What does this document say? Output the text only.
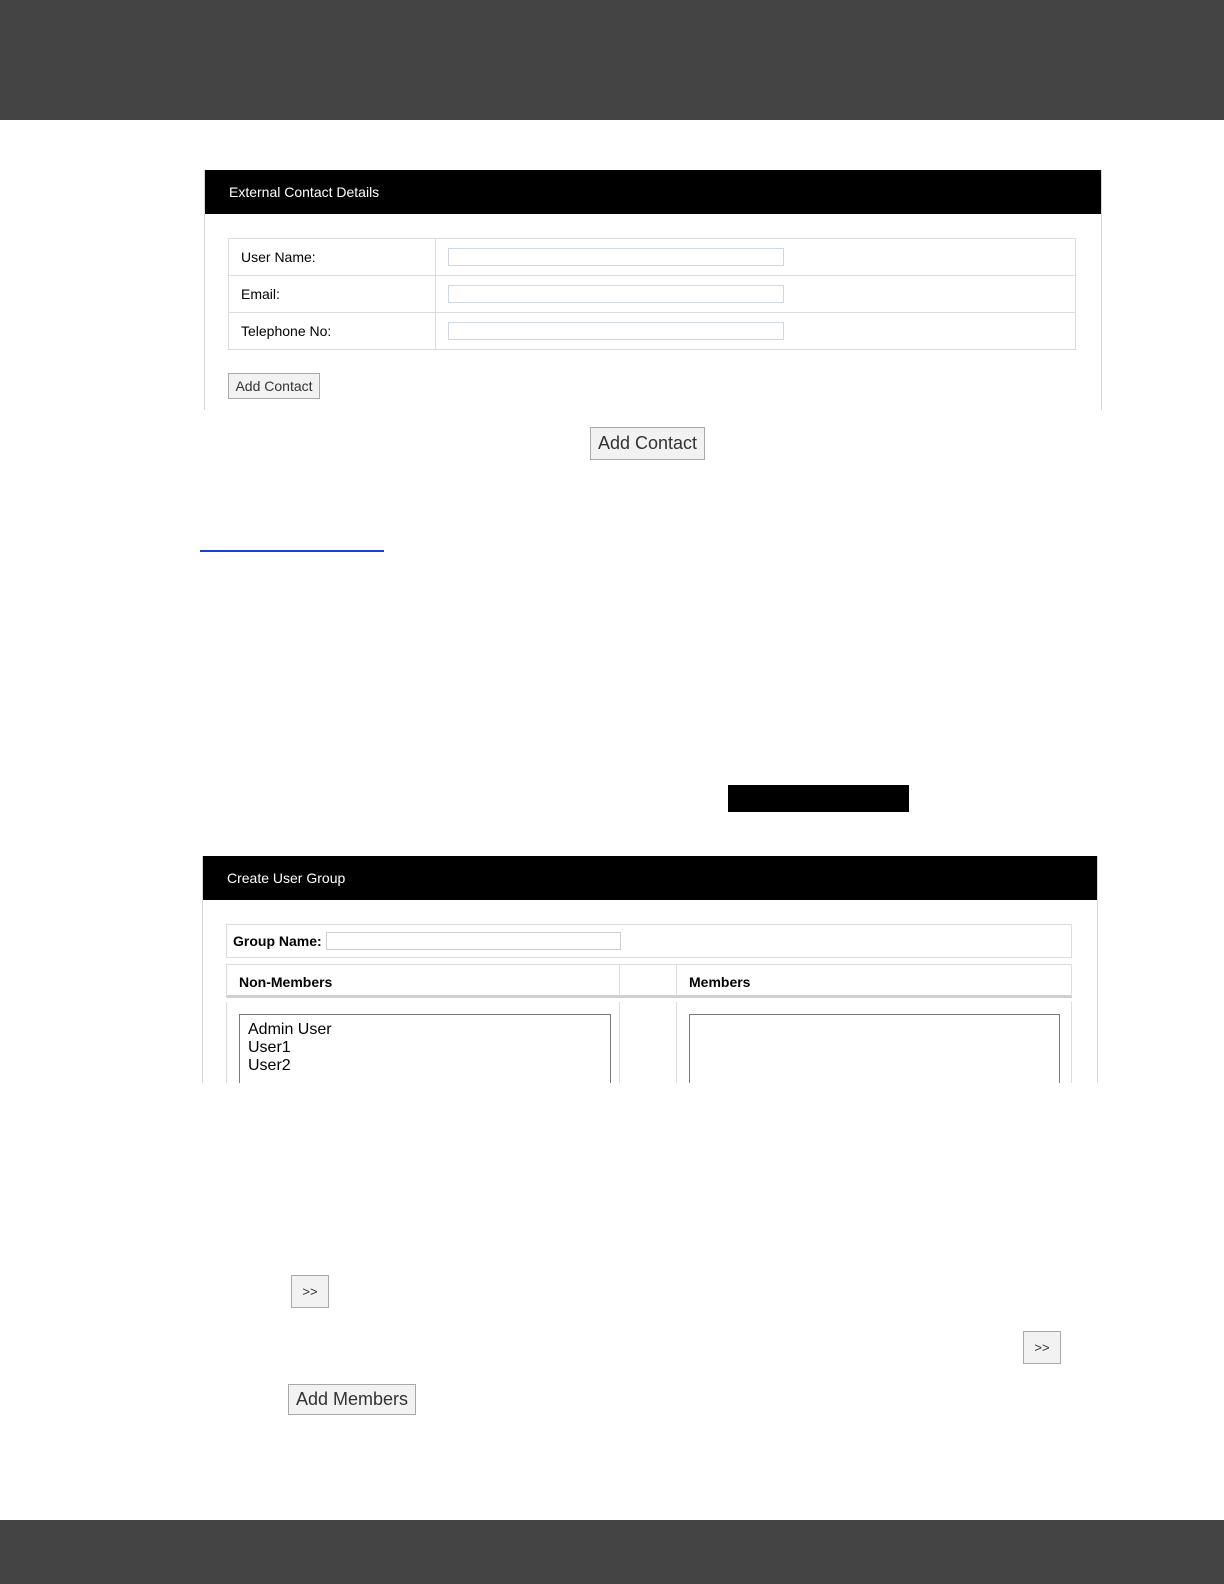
External Contact Details
User Name:	
Email:	
Telephone No:	
Add Contact
Add Contact
Create User Group
Group Name:
Non-Members	Members
Admin User
User1
User2
>>
>>
Add Members
